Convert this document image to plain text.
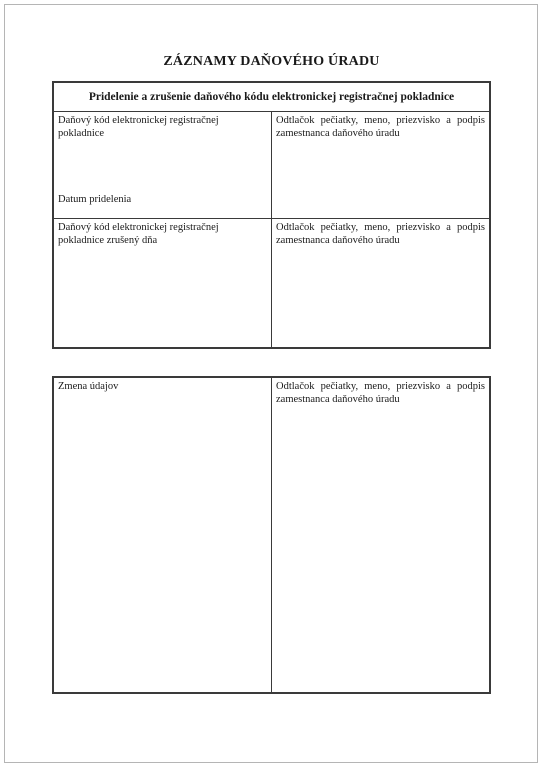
ZÁZNAMY DAŇOVÉHO ÚRADU
Pridelenie a zrušenie daňového kódu elektronickej registračnej pokladnice
Daňový kód elektronickej registračnej pokladnice
Datum pridelenia
Odtlačok pečiatky, meno, priezvisko a podpis zamestnanca daňového úradu
Daňový kód elektronickej registračnej pokladnice zrušený dňa
Odtlačok pečiatky, meno, priezvisko a podpis zamestnanca daňového úradu
Zmena údajov	Odtlačok pečiatky, meno, priezvisko a podpis zamestnanca daňového úradu
